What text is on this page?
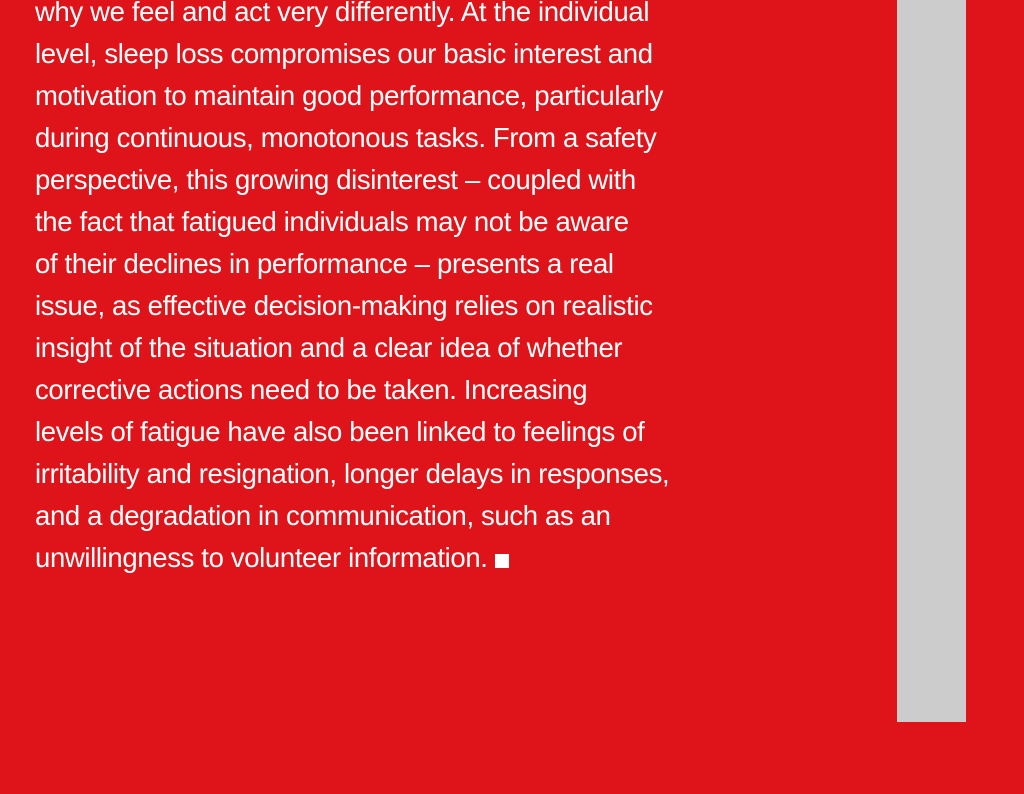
why we feel and act very differently. At the individual
level, sleep loss compromises our basic interest and
motivation to maintain good performance, particularly
during continuous, monotonous tasks. From a safety
perspective, this growing disinterest – coupled with
the fact that fatigued individuals may not be aware
of their declines in performance – presents a real
issue, as effective decision-making relies on realistic
insight of the situation and a clear idea of whether
corrective actions need to be taken. Increasing
levels of fatigue have also been linked to feelings of
irritability and resignation, longer delays in responses,
and a degradation in communication, such as an
unwillingness to volunteer information.
